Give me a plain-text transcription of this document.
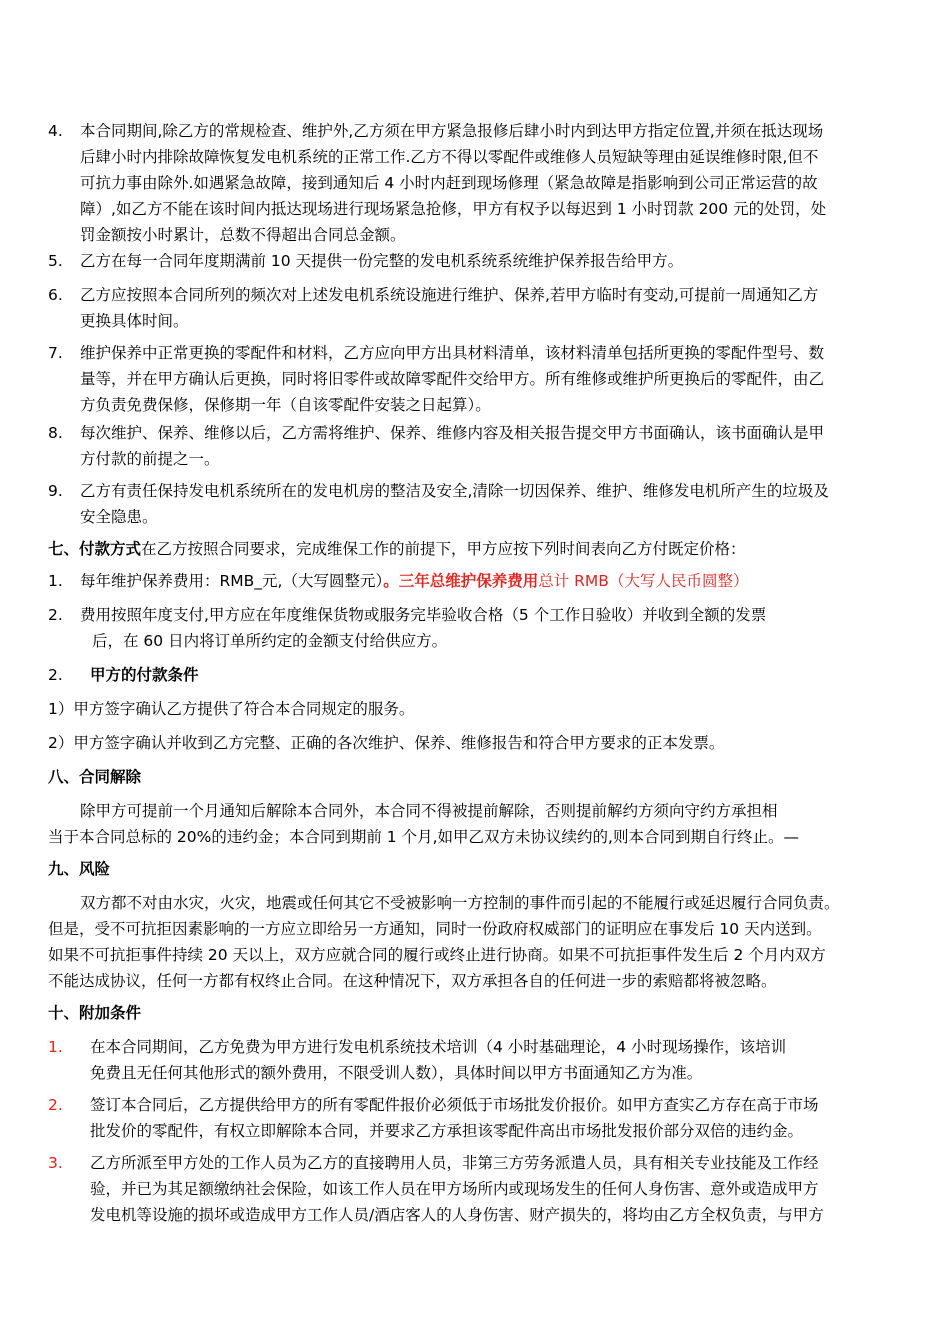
4. 本合同期间,除乙方的常规检查、维护外,乙方须在甲方紧急报修后肆小时内到达甲方指定位置,并须在抵达现场
后肆小时内排除故障恢复发电机系统的正常工作.乙方不得以零配件或维修人员短缺等理由延误维修时限,但不
可抗力事由除外.如遇紧急故障，接到通知后 4 小时内赶到现场修理（紧急故障是指影响到公司正常运营的故
障）,如乙方不能在该时间内抵达现场进行现场紧急抢修，甲方有权予以每迟到 1 小时罚款 200 元的处罚，处
罚金额按小时累计，总数不得超出合同总金额。
5. 乙方在每一合同年度期满前 10 天提供一份完整的发电机系统系统维护保养报告给甲方。
6. 乙方应按照本合同所列的频次对上述发电机系统设施进行维护、保养,若甲方临时有变动,可提前一周通知乙方
更换具体时间。
7. 维护保养中正常更换的零配件和材料，乙方应向甲方出具材料清单，该材料清单包括所更换的零配件型号、数
量等，并在甲方确认后更换，同时将旧零件或故障零配件交给甲方。所有维修或维护所更换后的零配件，由乙
方负责免费保修，保修期一年（自该零配件安装之日起算）。
8. 每次维护、保养、维修以后，乙方需将维护、保养、维修内容及相关报告提交甲方书面确认，该书面确认是甲
方付款的前提之一。
9. 乙方有责任保持发电机系统所在的发电机房的整洁及安全,清除一切因保养、维护、维修发电机所产生的垃圾及
安全隐患。
七、付款方式在乙方按照合同要求，完成维保工作的前提下，甲方应按下列时间表向乙方付既定价格：
1. 每年维护保养费用：RMB_元,（大写圆整元）。三年总维护保养费用总计 RMB（大写人民币圆整）
2. 费用按照年度支付,甲方应在年度维保货物或服务完毕验收合格（5 个工作日验收）并收到全额的发票
后，在 60 日内将订单所约定的金额支付给供应方。
2. 甲方的付款条件
1）甲方签字确认乙方提供了符合本合同规定的服务。
2）甲方签字确认并收到乙方完整、正确的各次维护、保养、维修报告和符合甲方要求的正本发票。
八、合同解除
除甲方可提前一个月通知后解除本合同外，本合同不得被提前解除，否则提前解约方须向守约方承担相
当于本合同总标的 20%的违约金；本合同到期前 1 个月,如甲乙双方未协议续约的,则本合同到期自行终止。—
九、风险
双方都不对由水灾，火灾，地震或任何其它不受被影响一方控制的事件而引起的不能履行或延迟履行合同负责。
但是，受不可抗拒因素影响的一方应立即给另一方通知，同时一份政府权威部门的证明应在事发后 10 天内送到。
如果不可抗拒事件持续 20 天以上，双方应就合同的履行或终止进行协商。如果不可抗拒事件发生后 2 个月内双方
不能达成协议，任何一方都有权终止合同。在这种情况下，双方承担各自的任何进一步的索赔都将被忽略。
十、附加条件
1. 在本合同期间，乙方免费为甲方进行发电机系统技术培训（4 小时基础理论，4 小时现场操作，该培训
免费且无任何其他形式的额外费用，不限受训人数），具体时间以甲方书面通知乙方为准。
2. 签订本合同后，乙方提供给甲方的所有零配件报价必须低于市场批发价报价。如甲方查实乙方存在高于市场
批发价的零配件，有权立即解除本合同，并要求乙方承担该零配件高出市场批发报价部分双倍的违约金。
3. 乙方所派至甲方处的工作人员为乙方的直接聘用人员，非第三方劳务派遣人员，具有相关专业技能及工作经
验，并已为其足额缴纳社会保险，如该工作人员在甲方场所内或现场发生的任何人身伤害、意外或造成甲方
发电机等设施的损坏或造成甲方工作人员/酒店客人的人身伤害、财产损失的，将均由乙方全权负责，与甲方
